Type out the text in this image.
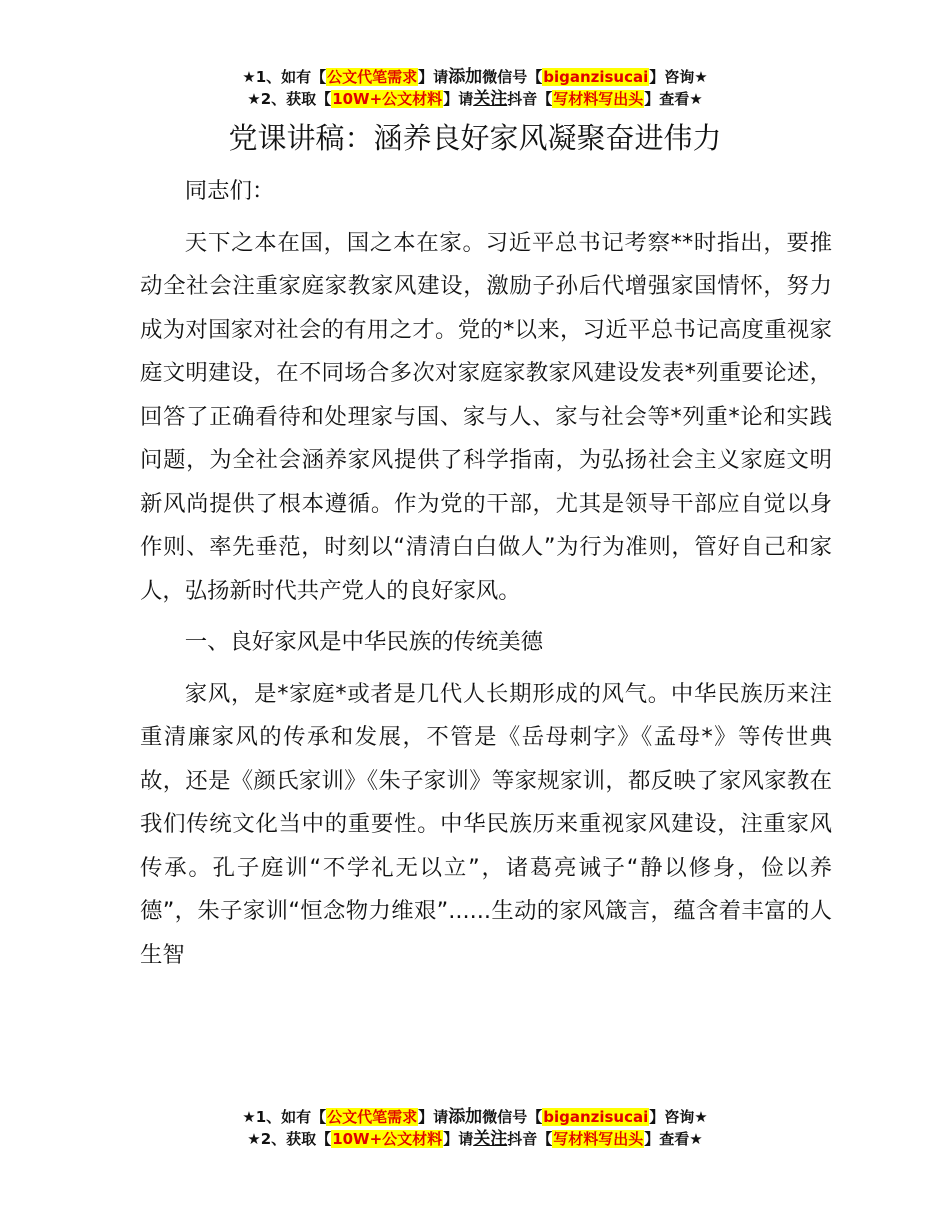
★1、如有【公文代笔需求】请添加微信号【biganzisucai】咨询★
★2、获取【10W+公文材料】请关注抖音【写材料写出头】查看★
党课讲稿：涵养良好家风凝聚奋进伟力

同志们：

天下之本在国，国之本在家。习近平总书记考察**时指出，要推动全社会注重家庭家教家风建设，激励子孙后代增强家国情怀，努力成为对国家对社会的有用之才。党的*以来，习近平总书记高度重视家庭文明建设，在不同场合多次对家庭家教家风建设发表*列重要论述，回答了正确看待和处理家与国、家与人、家与社会等*列重*论和实践问题，为全社会涵养家风提供了科学指南，为弘扬社会主义家庭文明新风尚提供了根本遵循。作为党的干部，尤其是领导干部应自觉以身作则、率先垂范，时刻以“清清白白做人”为行为准则，管好自己和家人，弘扬新时代共产党人的良好家风。

一、良好家风是中华民族的传统美德

家风，是*家庭*或者是几代人长期形成的风气。中华民族历来注重清廉家风的传承和发展，不管是《岳母刺字》《孟母*》等传世典故，还是《颜氏家训》《朱子家训》等家规家训，都反映了家风家教在我们传统文化当中的重要性。中华民族历来重视家风建设，注重家风传承。孔子庭训“不学礼无以立”，诸葛亮诫子“静以修身，俭以养德”，朱子家训“恒念物力维艰”......生动的家风箴言，蕴含着丰富的人生智

★1、如有【公文代笔需求】请添加微信号【biganzisucai】咨询★
★2、获取【10W+公文材料】请关注抖音【写材料写出头】查看★
